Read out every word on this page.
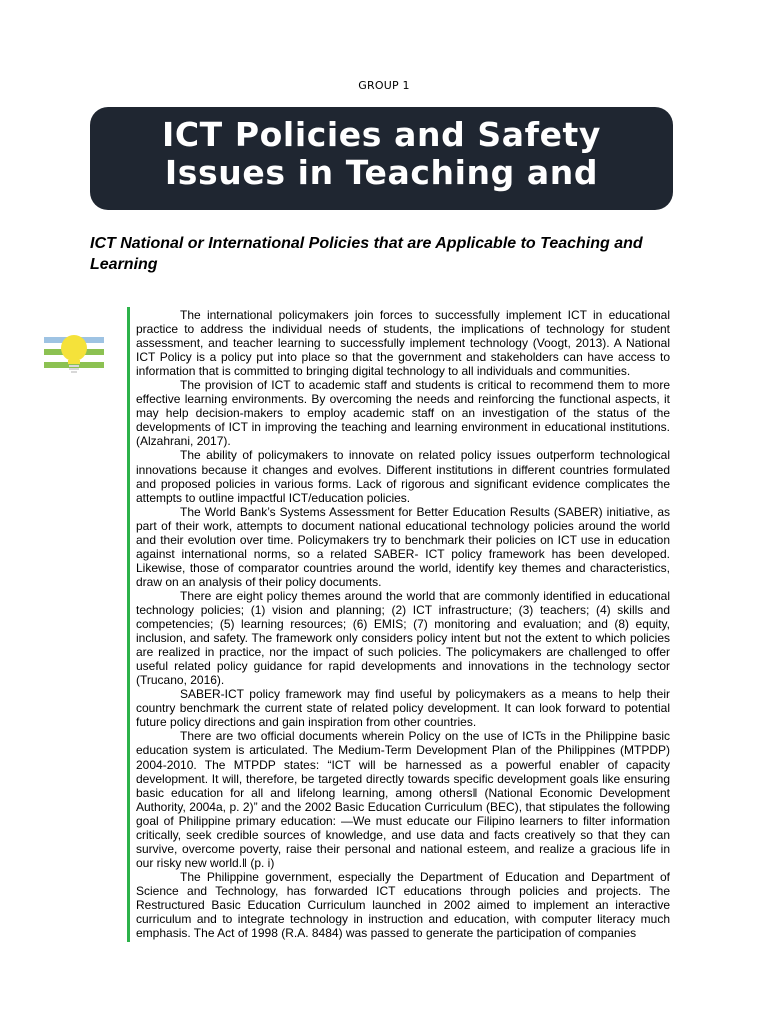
GROUP 1
ICT Policies and Safety
Issues in Teaching and
ICT National or International Policies that are Applicable to Teaching and Learning

The international policymakers join forces to successfully implement ICT in educational practice to address the individual needs of students, the implications of technology for student assessment, and teacher learning to successfully implement technology (Voogt, 2013). A National ICT Policy is a policy put into place so that the government and stakeholders can have access to information that is committed to bringing digital technology to all individuals and communities.

The provision of ICT to academic staff and students is critical to recommend them to more effective learning environments. By overcoming the needs and reinforcing the functional aspects, it may help decision-makers to employ academic staff on an investigation of the status of the developments of ICT in improving the teaching and learning environment in educational institutions. (Alzahrani, 2017).

The ability of policymakers to innovate on related policy issues outperform technological innovations because it changes and evolves. Different institutions in different countries formulated and proposed policies in various forms. Lack of rigorous and significant evidence complicates the attempts to outline impactful ICT/education policies.

The World Bank’s Systems Assessment for Better Education Results (SABER) initiative, as part of their work, attempts to document national educational technology policies around the world and their evolution over time. Policymakers try to benchmark their policies on ICT use in education against international norms, so a related SABER- ICT policy framework has been developed. Likewise, those of comparator countries around the world, identify key themes and characteristics, draw on an analysis of their policy documents.

There are eight policy themes around the world that are commonly identified in educational technology policies; (1) vision and planning; (2) ICT infrastructure; (3) teachers; (4) skills and competencies; (5) learning resources; (6) EMIS; (7) monitoring and evaluation; and (8) equity, inclusion, and safety. The framework only considers policy intent but not the extent to which policies are realized in practice, nor the impact of such policies. The policymakers are challenged to offer useful related policy guidance for rapid developments and innovations in the technology sector (Trucano, 2016).

SABER-ICT policy framework may find useful by policymakers as a means to help their country benchmark the current state of related policy development. It can look forward to potential future policy directions and gain inspiration from other countries.

There are two official documents wherein Policy on the use of ICTs in the Philippine basic education system is articulated. The Medium-Term Development Plan of the Philippines (MTPDP) 2004-2010. The MTPDP states: “ICT will be harnessed as a powerful enabler of capacity development. It will, therefore, be targeted directly towards specific development goals like ensuring basic education for all and lifelong learning, among others‖ (National Economic Development Authority, 2004a, p. 2)” and the 2002 Basic Education Curriculum (BEC), that stipulates the following goal of Philippine primary education: ―We must educate our Filipino learners to filter information critically, seek credible sources of knowledge, and use data and facts creatively so that they can survive, overcome poverty, raise their personal and national esteem, and realize a gracious life in our risky new world.‖ (p. i)

The Philippine government, especially the Department of Education and Department of Science and Technology, has forwarded ICT educations through policies and projects. The Restructured Basic Education Curriculum launched in 2002 aimed to implement an interactive curriculum and to integrate technology in instruction and education, with computer literacy much emphasis. The Act of 1998 (R.A. 8484) was passed to generate the participation of companies
